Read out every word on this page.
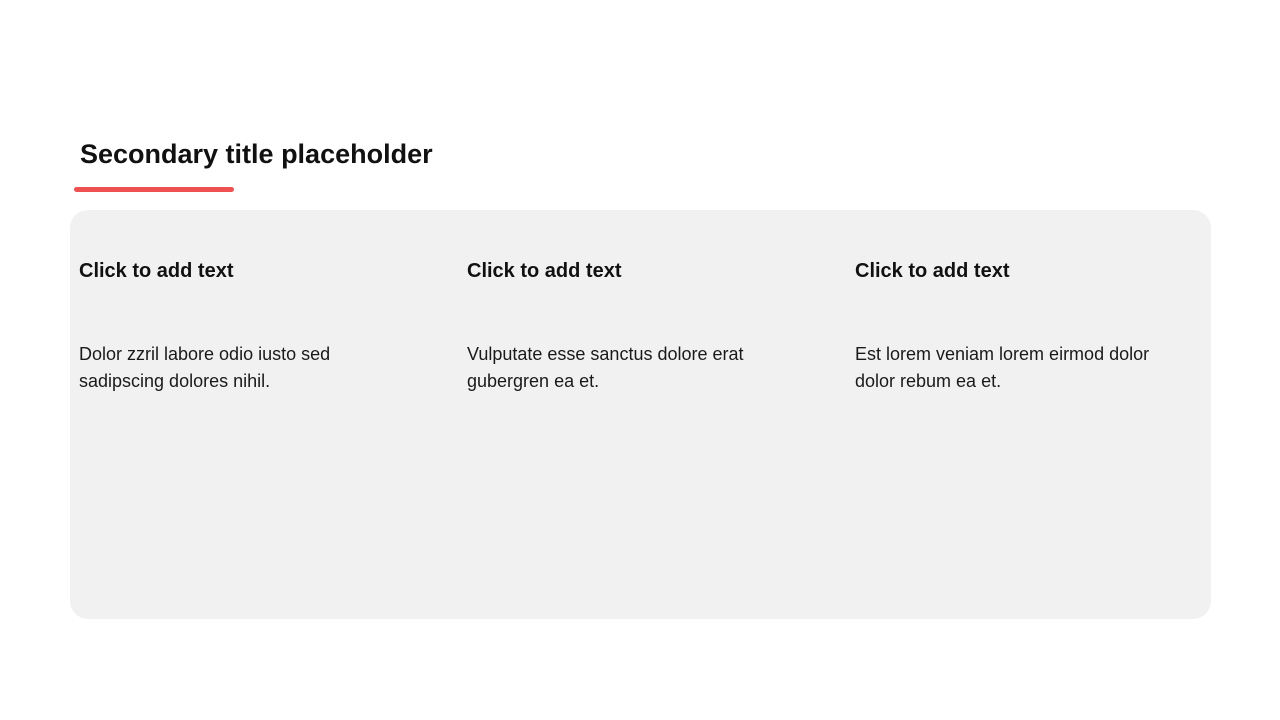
Secondary title placeholder
Click to add text

Dolor zzril labore odio iusto sed sadipscing dolores nihil.

Click to add text

Vulputate esse sanctus dolore erat gubergren ea et.

Click to add text

Est lorem veniam lorem eirmod dolor dolor rebum ea et.
